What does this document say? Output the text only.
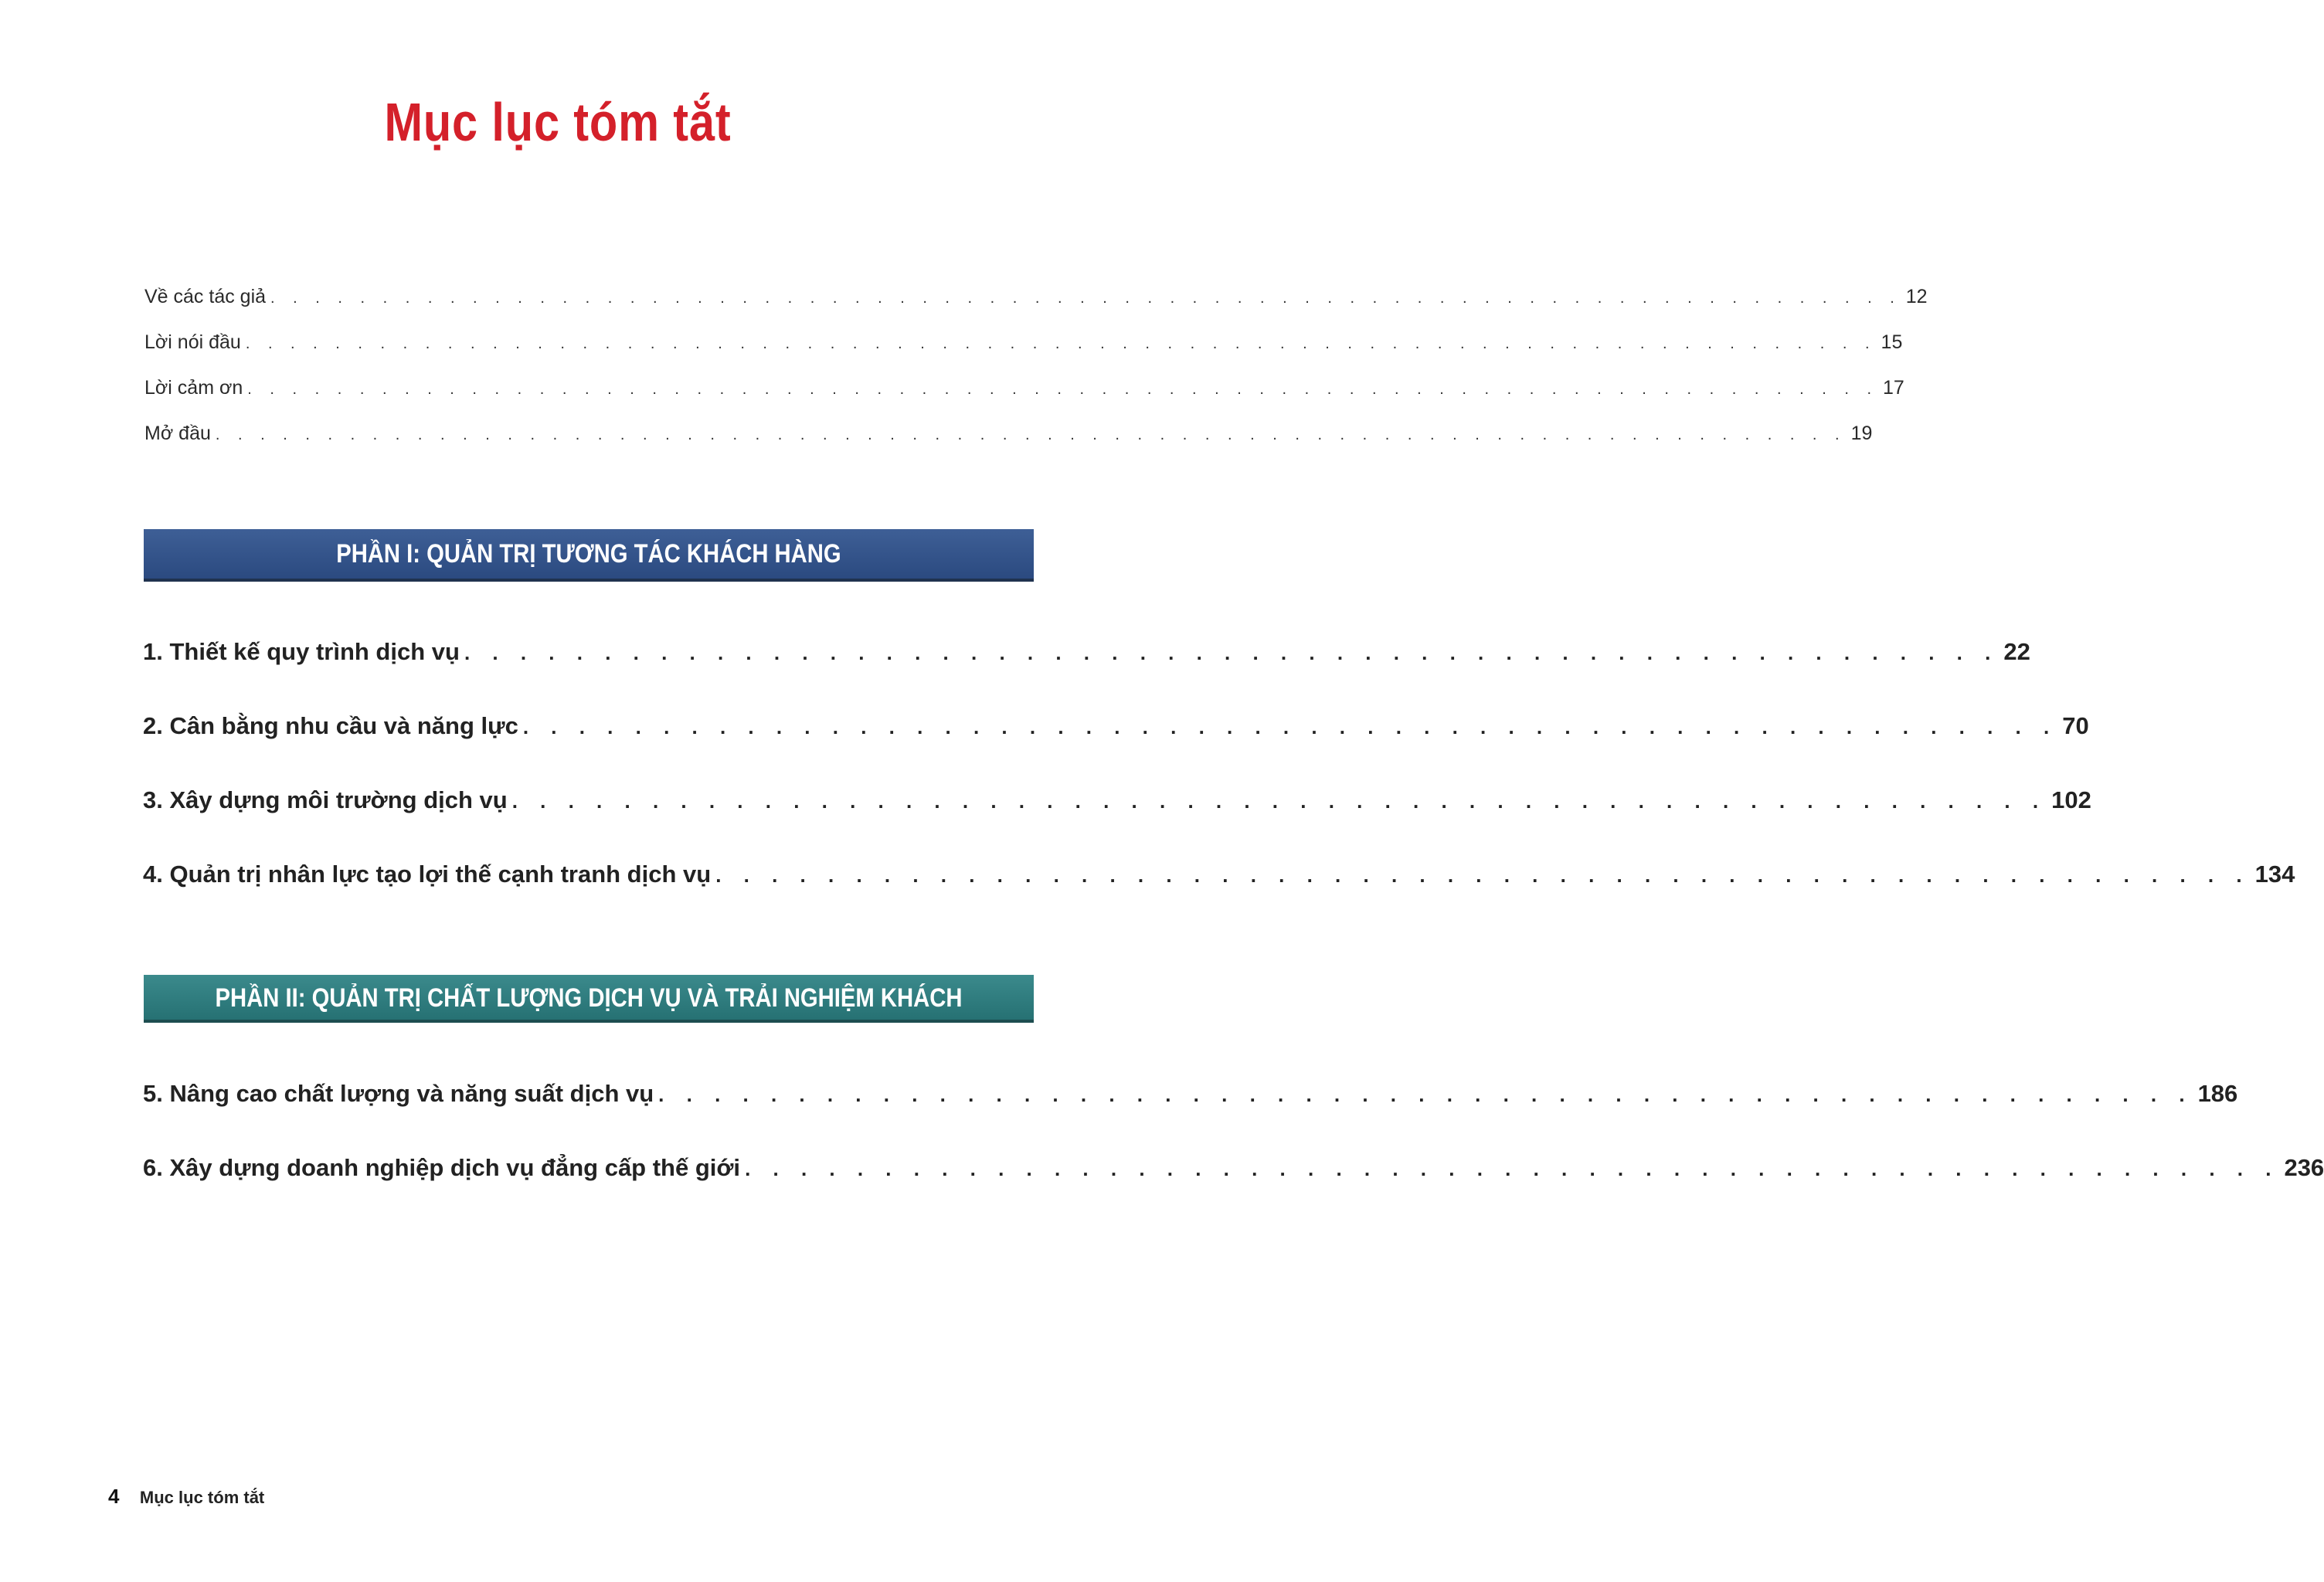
Mục lục tóm tắt
Về các tác giả . . . . . . . . . . . . . . . . . . . . . . . . . . . . . . . . . . . . . . . . . . . . . . . . . . . . . . . . . . . . . . . . . . . . . . . . . 12
Lời nói đầu . . . . . . . . . . . . . . . . . . . . . . . . . . . . . . . . . . . . . . . . . . . . . . . . . . . . . . . . . . . . . . . . . . . . . . . . . 15
Lời cảm ơn . . . . . . . . . . . . . . . . . . . . . . . . . . . . . . . . . . . . . . . . . . . . . . . . . . . . . . . . . . . . . . . . . . . . . . . . . 17
Mở đầu . . . . . . . . . . . . . . . . . . . . . . . . . . . . . . . . . . . . . . . . . . . . . . . . . . . . . . . . . . . . . . . . . . . . . . . . . 19
PHẦN I: QUẢN TRỊ TƯƠNG TÁC KHÁCH HÀNG
1. Thiết kế quy trình dịch vụ . . . . . . . . . . . . . . . . . . . . . . . . . . . . . . . . . . . . . . . . . . . . . . . . . . . . . . . 22
2. Cân bằng nhu cầu và năng lực . . . . . . . . . . . . . . . . . . . . . . . . . . . . . . . . . . . . . . . . . . . . . . . . . . . . . . . 70
3. Xây dựng môi trường dịch vụ . . . . . . . . . . . . . . . . . . . . . . . . . . . . . . . . . . . . . . . . . . . . . . . . . . . . . . . 102
4. Quản trị nhân lực tạo lợi thế cạnh tranh dịch vụ . . . . . . . . . . . . . . . . . . . . . . . . . . . . . . . . . . . . . . . . . . . . . . . . . . . . . . . 134
PHẦN II: QUẢN TRỊ CHẤT LƯỢNG DỊCH VỤ VÀ TRẢI NGHIỆM KHÁCH HÀNG
5. Nâng cao chất lượng và năng suất dịch vụ . . . . . . . . . . . . . . . . . . . . . . . . . . . . . . . . . . . . . . . . . . . . . . . . . . . . . . . 186
6. Xây dựng doanh nghiệp dịch vụ đẳng cấp thế giới . . . . . . . . . . . . . . . . . . . . . . . . . . . . . . . . . . . . . . . . . . . . . . . . . . . . . . . 236
4 Mục lục tóm tắt
